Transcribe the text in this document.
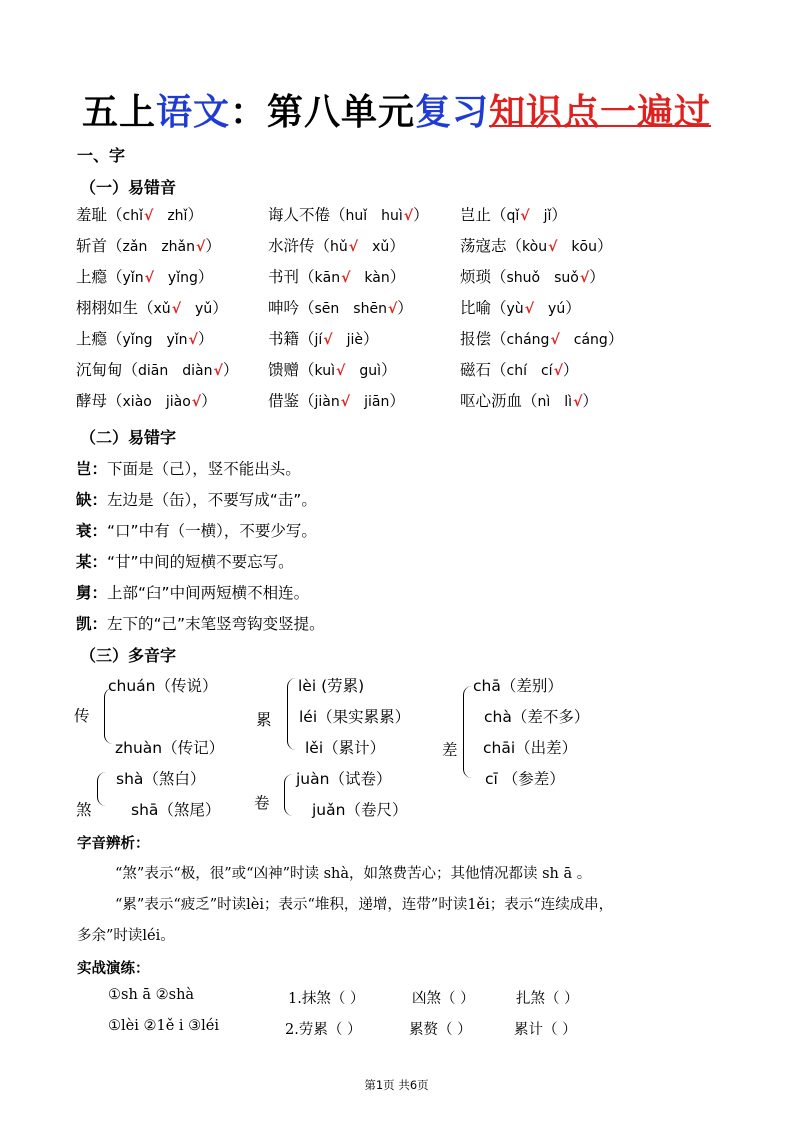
五上语文：第八单元复习知识点一遍过
一、字
（一）易错音
羞耻（chǐ√ zhǐ）	诲人不倦（huǐ huì√） 岂止（qǐ√ jǐ）
斩首（zǎn zhǎn√）	水浒传（hǔ√ xǔ）	荡寇志（kòu√ kōu）
上瘾（yǐn√ yǐng）	书刊（kān√ kàn）	烦琐（shuǒ suǒ√）
栩栩如生（xǔ√ yǔ）	呻吟（sēn shēn√）	比喻（yù√ yú）
上瘾（yǐng yǐn√）	书籍（jí√ jiè）	报偿（cháng√ cáng）
沉甸甸（diān diàn√） 馈赠（kuì√ guì）	磁石（chí cí√）
酵母（xiào jiào√）	借鉴（jiàn√ jiān）	呕心沥血（nì lì√）
（二）易错字
岂：下面是（己），竖不能出头。
缺：左边是（缶），不要写成“击”。
衰：“口”中有（一横），不要少写。
某：“甘”中间的短横不要忘写。
舅：上部“臼”中间两短横不相连。
凯：左下的“己”末笔竖弯钩变竖提。
（三）多音字
传
chuán（传说）
zhuàn（传记）
累
lèi (劳累)
léi（果实累累）
lěi（累计）	差
chā（差别）
chà（差不多）
chāi（出差）
cī （参差）
煞
shà（煞白）
shā（煞尾） 卷
juàn（试卷）
juǎn（卷尺）
字音辨析：
“煞”表示“极，很”或“凶神”时读 shà，如煞费苦心；其他情况都读 sh ā 。
“累”表示“疲乏”时读lèi；表示“堆积，递增，连带”时读1ěi；表示“连续成串，
多余”时读léi。
实战演练：
①sh ā ②shà	1.抹煞（ ）	凶煞（ ）	扎煞（ ）
①lèi ②1ě i ③léi	2.劳累（ ）	累赘（ ）	累计（ ）
第1页 共6页
